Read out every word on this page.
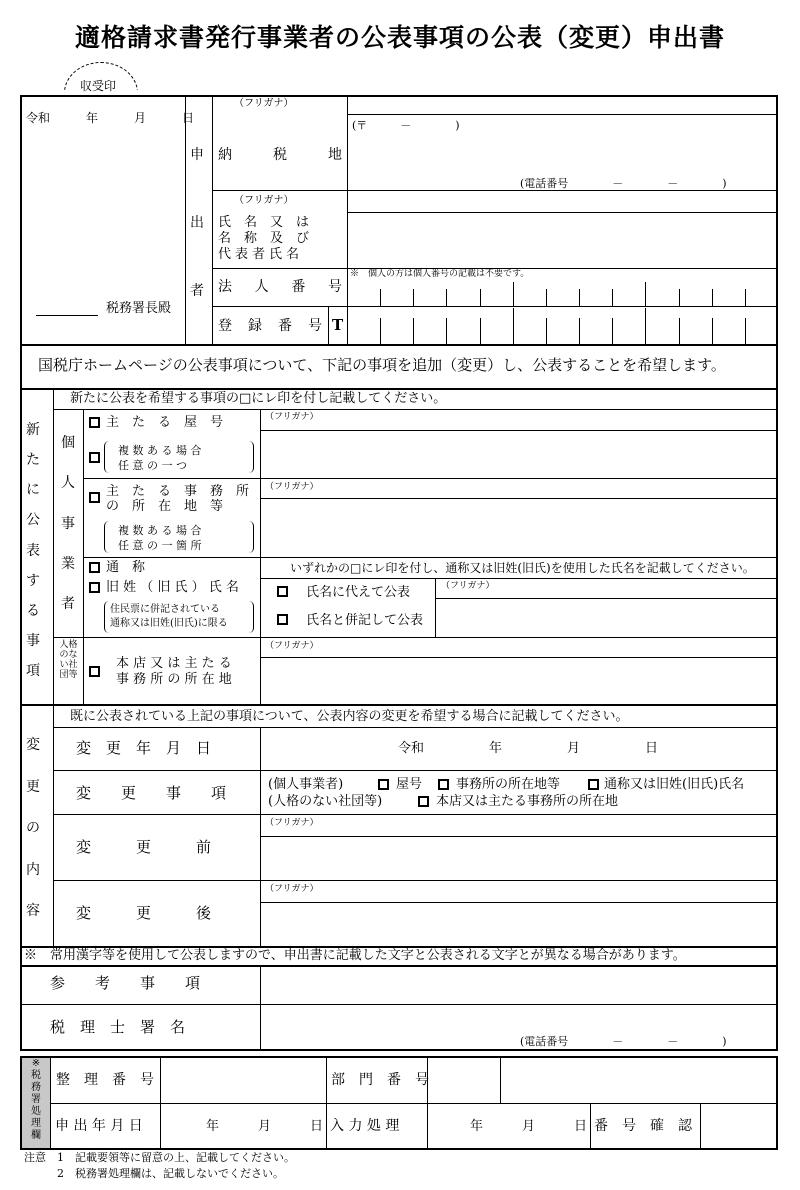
適格請求書発行事業者の公表事項の公表（変更）申出書
収受印
令和　　　年　　　月　　　日
税務署長殿
申
出
者
（フリガナ）
納	税	地
(〒　　　－　　　　)
(電話番号　　　　－　　　　－　　　　)
（フリガナ）
氏名又は
名称及び
代表者氏名
※　個人の方は個人番号の記載は不要です。
法 人 番 号
登 録 番 号 T
国税庁ホームページの公表事項について、下記の事項を追加（変更）し、公表することを希望します。
新
た
に
公
表
す
る
事
項
新たに公表を希望する事項の□にレ印を付し記載してください。
個
人
事
業
者
人格
のな
い社
団等
主　た　る　屋　号
複 数 あ る 場 合
任 意 の 一 つ
（フリガナ）
主　た　る　事　務　所
の　所　在　地　等
複 数 あ る 場 合
任 意 の 一 箇 所
（フリガナ）
通　称
旧 姓 （ 旧 氏 ） 氏 名
住民票に併記されている
通称又は旧姓(旧氏)に限る
いずれかの□にレ印を付し、通称又は旧姓(旧氏)を使用した氏名を記載してください。
氏名に代えて公表
氏名と併記して公表
（フリガナ）
本 店 又 は 主 た る
事 務 所 の 所 在 地
（フリガナ）
変
更
の
内
容
既に公表されている上記の事項について、公表内容の変更を希望する場合に記載してください。
変　更　年　月　日	令和　　　　　年　　　　　月　　　　　日
変　　更　　事　　項	(個人事業者)	屋号	事務所の所在地等	通称又は旧姓(旧氏)氏名
(人格のない社団等)	本店又は主たる事務所の所在地
変　　　更　　　前
（フリガナ）
変　　　更　　　後
（フリガナ）
※　常用漢字等を使用して公表しますので、申出書に記載した文字と公表される文字とが異なる場合があります。
参　　考　　事　　項
税　理　士　署　名
(電話番号　　　　－　　　　－　　　　)
※
税
務
署
処
理
欄
整　理　番　号	部　門　番　号
申 出 年 月 日	年　　　月　　　日 入 力 処 理	年　　　月　　　日 番　号　確　認
注意　1　記載要領等に留意の上、記載してください。
　　　2　税務署処理欄は、記載しないでください。
